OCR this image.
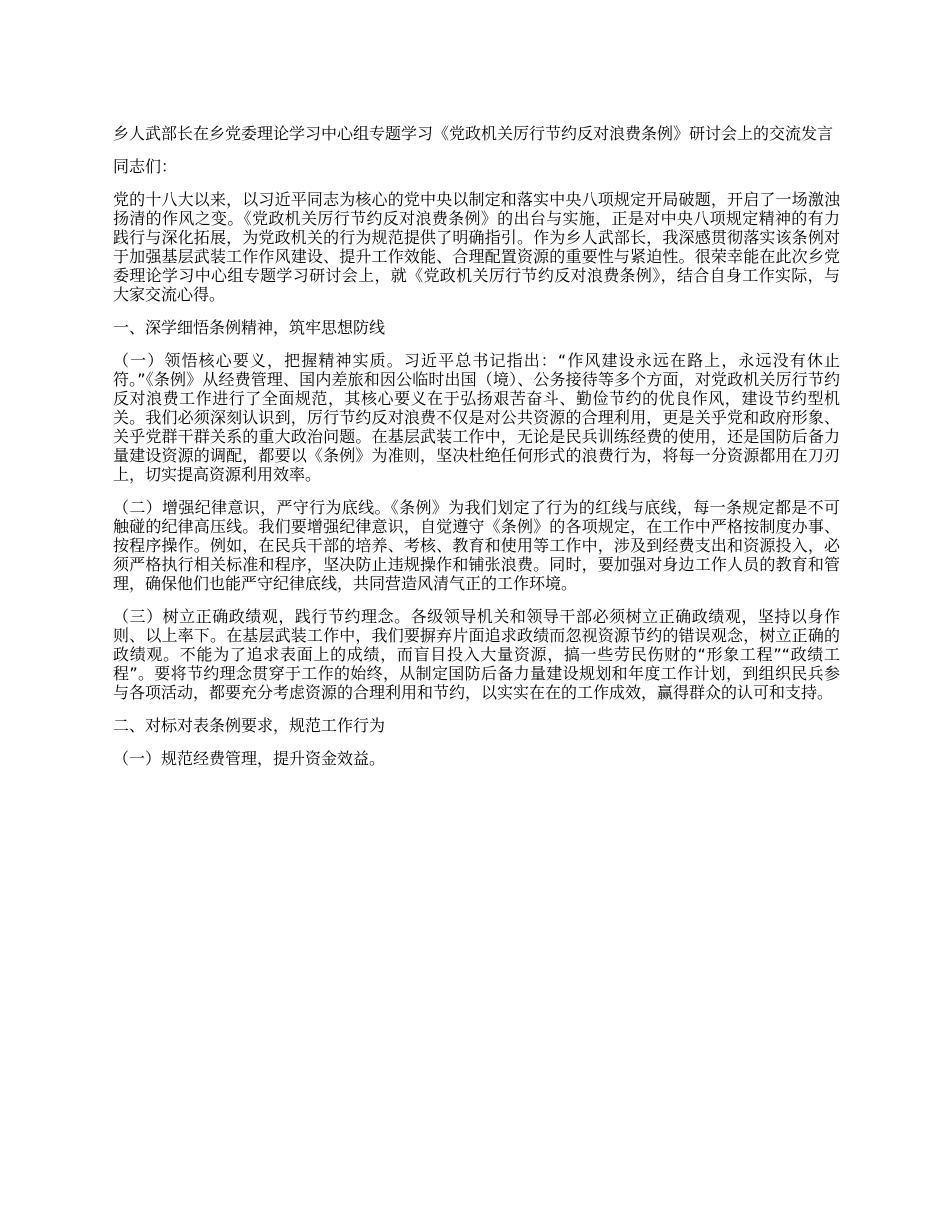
乡人武部长在乡党委理论学习中心组专题学习《党政机关厉行节约反对浪费条例》研讨会上的交流发言

同志们：

党的十八大以来，以习近平同志为核心的党中央以制定和落实中央八项规定开局破题，开启了一场激浊扬清的作风之变。《党政机关厉行节约反对浪费条例》的出台与实施，正是对中央八项规定精神的有力践行与深化拓展，为党政机关的行为规范提供了明确指引。作为乡人武部长，我深感贯彻落实该条例对于加强基层武装工作作风建设、提升工作效能、合理配置资源的重要性与紧迫性。很荣幸能在此次乡党委理论学习中心组专题学习研讨会上，就《党政机关厉行节约反对浪费条例》，结合自身工作实际，与大家交流心得。

一、深学细悟条例精神，筑牢思想防线

（一）领悟核心要义，把握精神实质。习近平总书记指出：“作风建设永远在路上，永远没有休止符。”《条例》从经费管理、国内差旅和因公临时出国（境）、公务接待等多个方面，对党政机关厉行节约反对浪费工作进行了全面规范，其核心要义在于弘扬艰苦奋斗、勤俭节约的优良作风，建设节约型机关。我们必须深刻认识到，厉行节约反对浪费不仅是对公共资源的合理利用，更是关乎党和政府形象、关乎党群干群关系的重大政治问题。在基层武装工作中，无论是民兵训练经费的使用，还是国防后备力量建设资源的调配，都要以《条例》为准则，坚决杜绝任何形式的浪费行为，将每一分资源都用在刀刃上，切实提高资源利用效率。

（二）增强纪律意识，严守行为底线。《条例》为我们划定了行为的红线与底线，每一条规定都是不可触碰的纪律高压线。我们要增强纪律意识，自觉遵守《条例》的各项规定，在工作中严格按制度办事、按程序操作。例如，在民兵干部的培养、考核、教育和使用等工作中，涉及到经费支出和资源投入，必须严格执行相关标准和程序，坚决防止违规操作和铺张浪费。同时，要加强对身边工作人员的教育和管理，确保他们也能严守纪律底线，共同营造风清气正的工作环境。

（三）树立正确政绩观，践行节约理念。各级领导机关和领导干部必须树立正确政绩观，坚持以身作则、以上率下。在基层武装工作中，我们要摒弃片面追求政绩而忽视资源节约的错误观念，树立正确的政绩观。不能为了追求表面上的成绩，而盲目投入大量资源，搞一些劳民伤财的“形象工程”“政绩工程”。要将节约理念贯穿于工作的始终，从制定国防后备力量建设规划和年度工作计划，到组织民兵参与各项活动，都要充分考虑资源的合理利用和节约，以实实在在的工作成效，赢得群众的认可和支持。

二、对标对表条例要求，规范工作行为

（一）规范经费管理，提升资金效益。
